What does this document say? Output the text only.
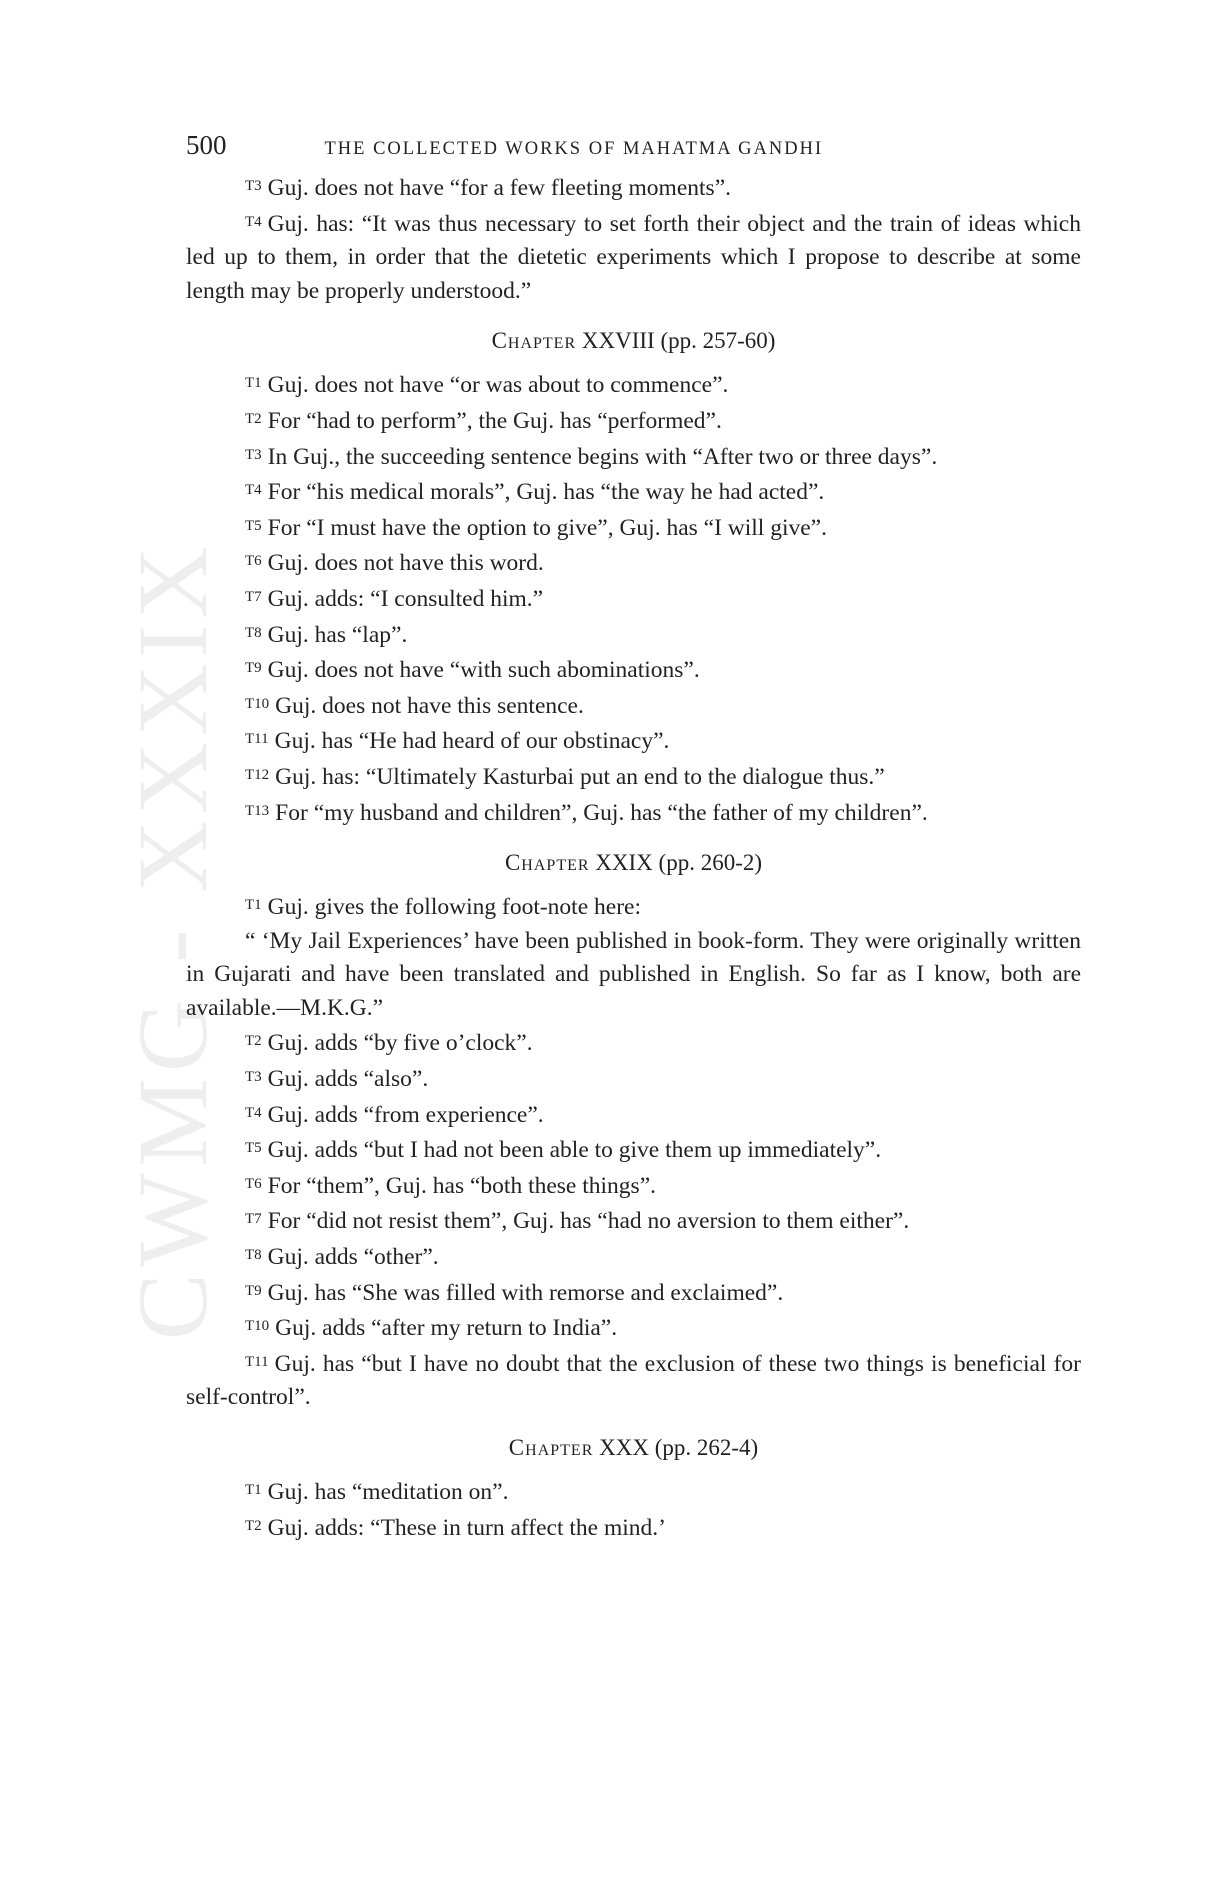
CWMG - XXXIX
500	THE COLLECTED WORKS OF MAHATMA GANDHI

$^{T3}$ Guj. does not have “for a few fleeting moments”.

$^{T4}$ Guj. has: “It was thus necessary to set forth their object and the train of ideas which led up to them, in order that the dietetic experiments which I propose to describe at some length may be properly understood.”

Chapter XXVIII (pp. 257-60)

$^{T1}$ Guj. does not have “or was about to commence”.

$^{T2}$ For “had to perform”, the Guj. has “performed”.

$^{T3}$ In Guj., the succeeding sentence begins with “After two or three days”.

$^{T4}$ For “his medical morals”, Guj. has “the way he had acted”.

$^{T5}$ For “I must have the option to give”, Guj. has “I will give”.

$^{T6}$ Guj. does not have this word.

$^{T7}$ Guj. adds: “I consulted him.”

$^{T8}$ Guj. has “lap”.

$^{T9}$ Guj. does not have “with such abominations”.

$^{T10}$ Guj. does not have this sentence.

$^{T11}$ Guj. has “He had heard of our obstinacy”.

$^{T12}$ Guj. has: “Ultimately Kasturbai put an end to the dialogue thus.”

$^{T13}$ For “my husband and children”, Guj. has “the father of my children”.

Chapter XXIX (pp. 260-2)

$^{T1}$ Guj. gives the following foot-note here:

“ ‘My Jail Experiences’ have been published in book-form. They were originally written in Gujarati and have been translated and published in English. So far as I know, both are available.—M.K.G.”

$^{T2}$ Guj. adds “by five o’clock”.

$^{T3}$ Guj. adds “also”.

$^{T4}$ Guj. adds “from experience”.

$^{T5}$ Guj. adds “but I had not been able to give them up immediately”.

$^{T6}$ For “them”, Guj. has “both these things”.

$^{T7}$ For “did not resist them”, Guj. has “had no aversion to them either”.

$^{T8}$ Guj. adds “other”.

$^{T9}$ Guj. has “She was filled with remorse and exclaimed”.

$^{T10}$ Guj. adds “after my return to India”.

$^{T11}$ Guj. has “but I have no doubt that the exclusion of these two things is beneficial for self-control”.

Chapter XXX (pp. 262-4)

$^{T1}$ Guj. has “meditation on”.

$^{T2}$ Guj. adds: “These in turn affect the mind.’
